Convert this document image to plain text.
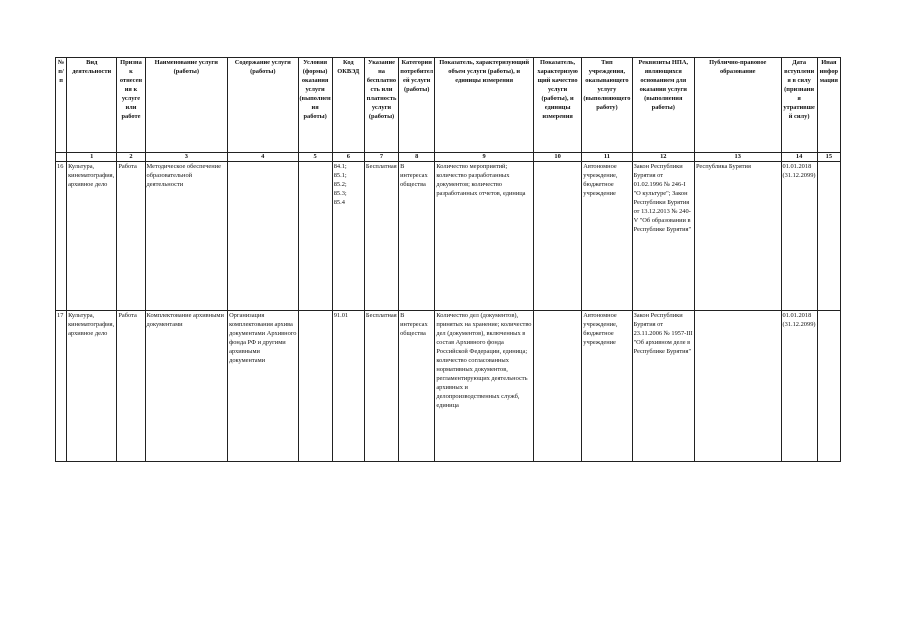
№ п/п	Вид деятельности	Признак отнесения к услуге или работе	Наименование услуги (работы)	Содержание услуги (работы)	Условия (формы) оказания услуги (выполнения работы)	Код ОКВЭД	Указание на бесплатность или платность услуги (работы)	Категории потребителей услуги (работы)	Показатель, характеризующий объем услуги (работы), и единицы измерения	Показатель, характеризующий качество услуги (работы), и единицы измерения	Тип учреждения, оказывающего услугу (выполняющего работу)	Реквизиты НПА, являющихся основанием для оказания услуги (выполнения работы)	Публично-правовое образование	Дата вступления в силу (признания утратившей силу)	Иная информация
	1	2	3	4	5	6	7	8	9	10	11	12	13	14	15
16	Культура, кинематография, архивное дело	Работа	Методическое обеспечение образовательной деятельности			84.1;
85.1;
85.2;
85.3;
85.4	Бесплатная	В интересах общества	Количество мероприятий; количество разработанных документов; количество разработанных отчетов, единица		Автономное учреждение, бюджетное учреждение	Закон Республики Бурятия от 01.02.1996 № 246-I "О культуре"; Закон Республики Бурятия от 13.12.2013 № 240-V "Об образовании в Республике Бурятия"	Республика Бурятия	01.01.2018 (31.12.2099)	
17	Культура, кинематография, архивное дело	Работа	Комплектование архивными документами	Организация комплектования архива документами Архивного фонда РФ и другими архивными документами		91.01	Бесплатная	В интересах общества	Количество дел (документов), принятых на хранение; количество дел (документов), включенных в состав Архивного фонда Российской Федерации, единица; количество согласованных нормативных документов, регламентирующих деятельность архивных и делопроизводственных служб, единица		Автономное учреждение, бюджетное учреждение	Закон Республики Бурятия от 23.11.2006 № 1957-III "Об архивном деле в Республике Бурятия"		01.01.2018 (31.12.2099)	
